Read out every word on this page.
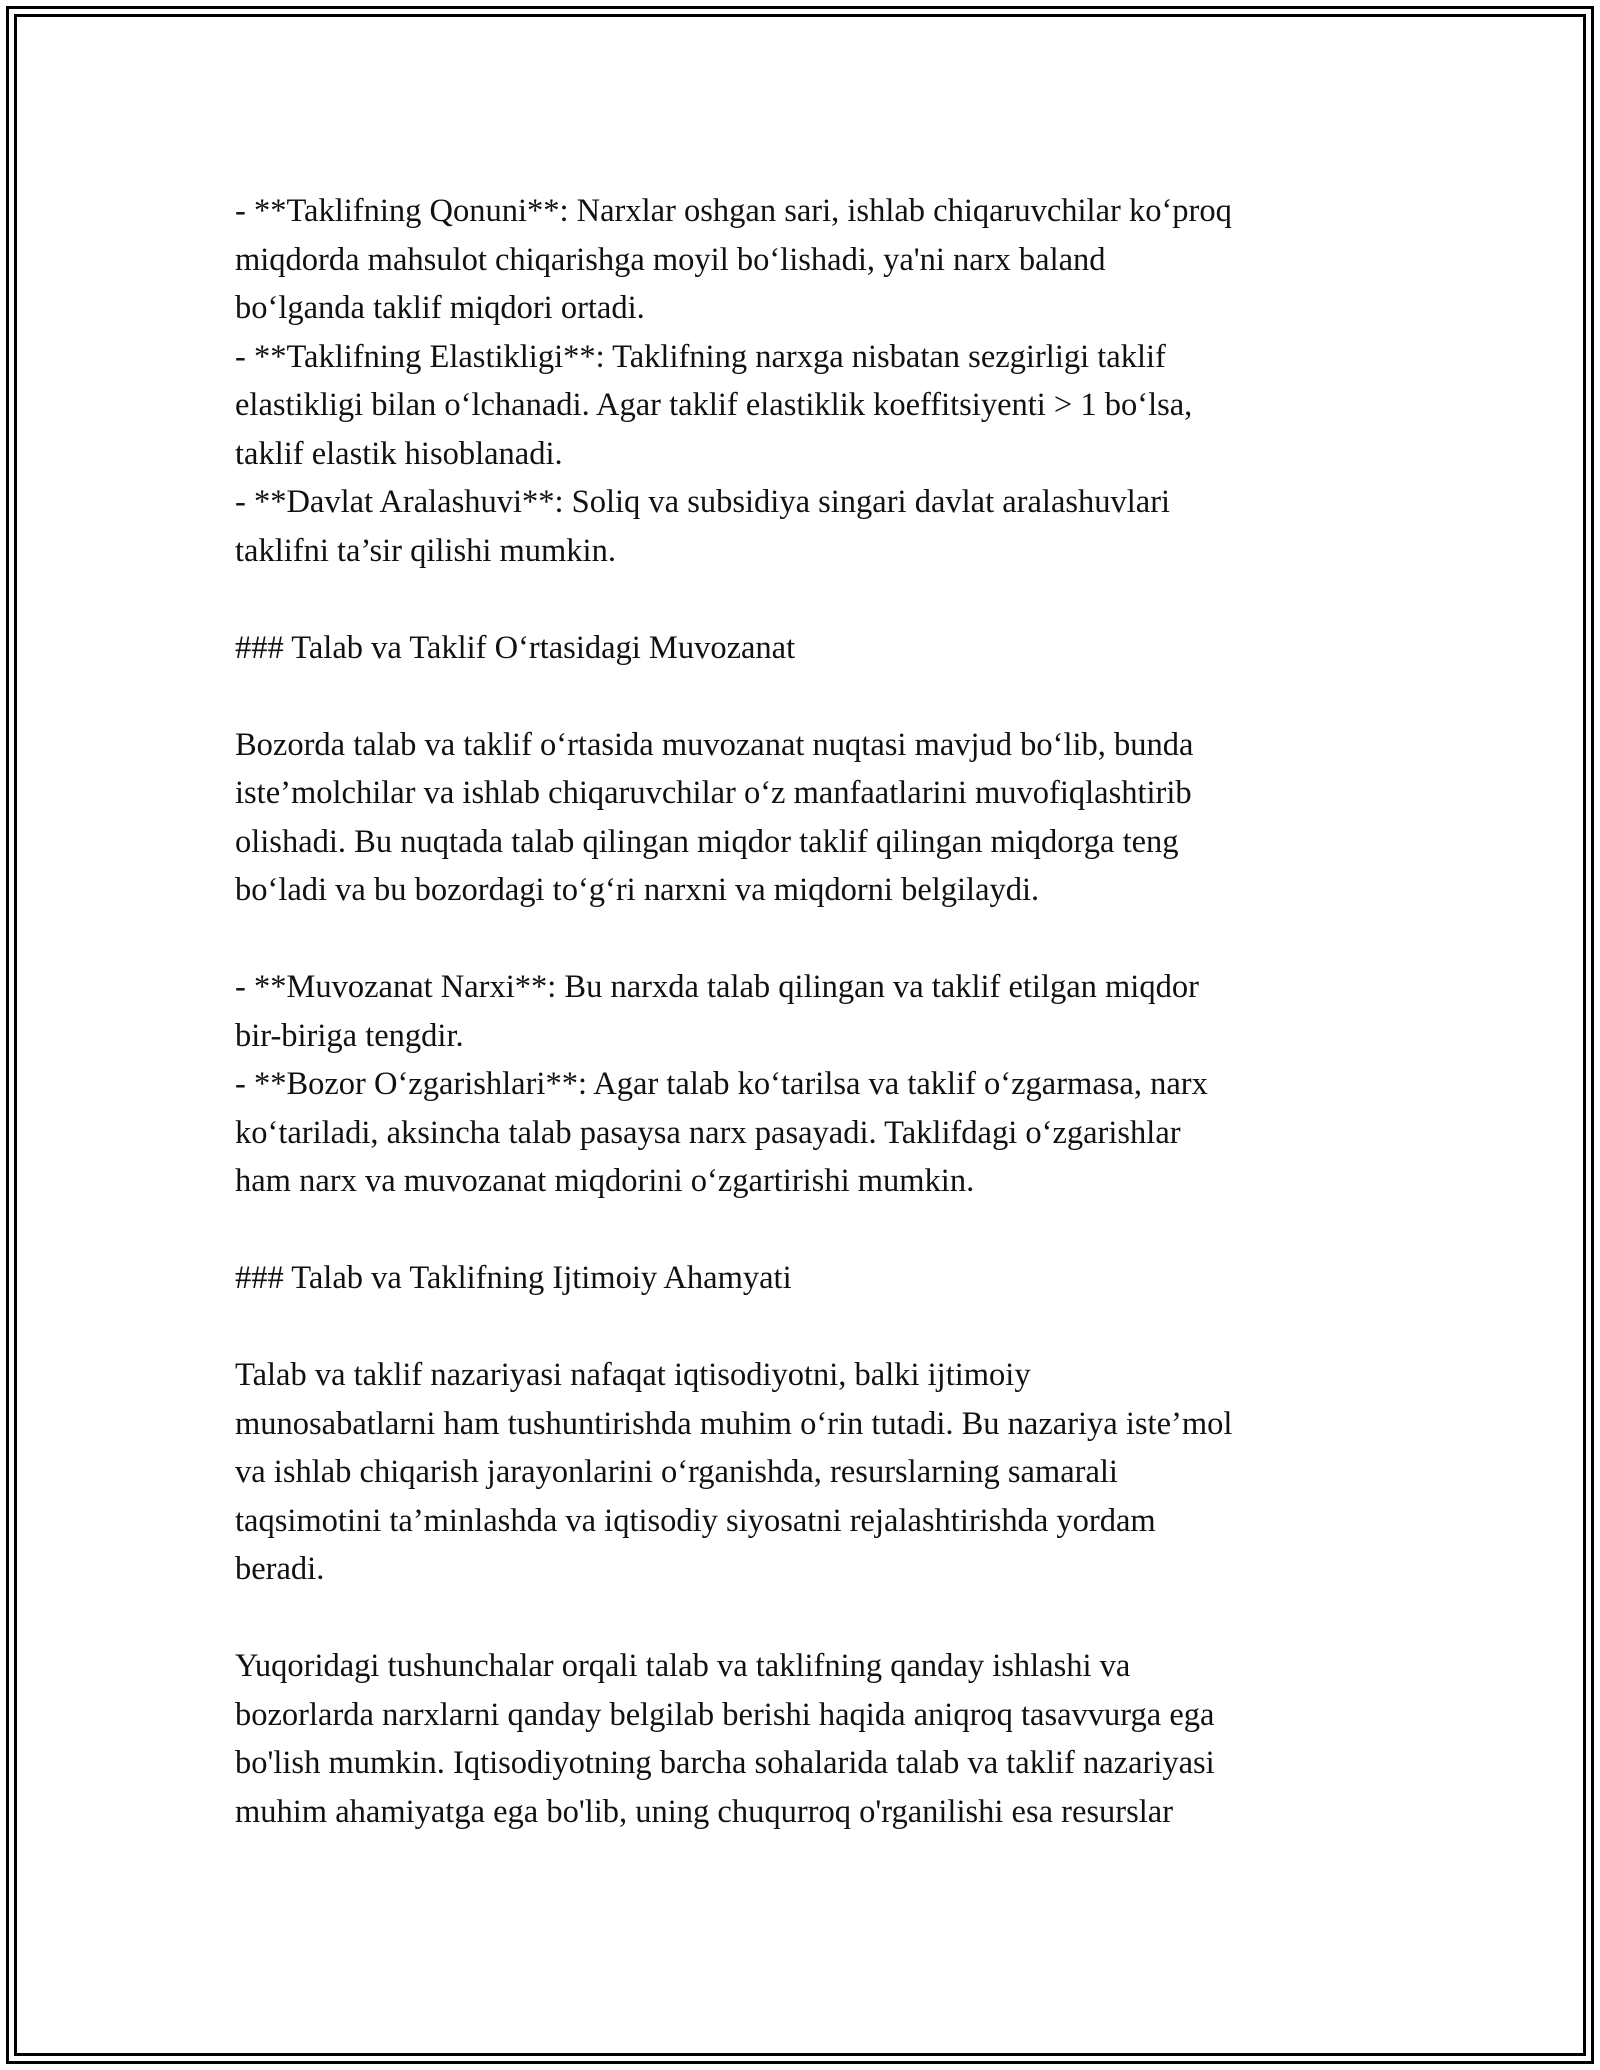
- **Taklifning Qonuni**: Narxlar oshgan sari, ishlab chiqaruvchilar ko‘proq
miqdorda mahsulot chiqarishga moyil bo‘lishadi, ya'ni narx baland
bo‘lganda taklif miqdori ortadi.
- **Taklifning Elastikligi**: Taklifning narxga nisbatan sezgirligi taklif
elastikligi bilan o‘lchanadi. Agar taklif elastiklik koeffitsiyenti > 1 bo‘lsa,
taklif elastik hisoblanadi.
- **Davlat Aralashuvi**: Soliq va subsidiya singari davlat aralashuvlari
taklifni ta’sir qilishi mumkin.
### Talab va Taklif O‘rtasidagi Muvozanat
Bozorda talab va taklif o‘rtasida muvozanat nuqtasi mavjud bo‘lib, bunda
iste’molchilar va ishlab chiqaruvchilar o‘z manfaatlarini muvofiqlashtirib
olishadi. Bu nuqtada talab qilingan miqdor taklif qilingan miqdorga teng
bo‘ladi va bu bozordagi to‘g‘ri narxni va miqdorni belgilaydi.
- **Muvozanat Narxi**: Bu narxda talab qilingan va taklif etilgan miqdor
bir-biriga tengdir.
- **Bozor O‘zgarishlari**: Agar talab ko‘tarilsa va taklif o‘zgarmasa, narx
ko‘tariladi, aksincha talab pasaysa narx pasayadi. Taklifdagi o‘zgarishlar
ham narx va muvozanat miqdorini o‘zgartirishi mumkin.
### Talab va Taklifning Ijtimoiy Ahamyati
Talab va taklif nazariyasi nafaqat iqtisodiyotni, balki ijtimoiy
munosabatlarni ham tushuntirishda muhim o‘rin tutadi. Bu nazariya iste’mol
va ishlab chiqarish jarayonlarini o‘rganishda, resurslarning samarali
taqsimotini ta’minlashda va iqtisodiy siyosatni rejalashtirishda yordam
beradi.
Yuqoridagi tushunchalar orqali talab va taklifning qanday ishlashi va
bozorlarda narxlarni qanday belgilab berishi haqida aniqroq tasavvurga ega
bo'lish mumkin. Iqtisodiyotning barcha sohalarida talab va taklif nazariyasi
muhim ahamiyatga ega bo'lib, uning chuqurroq o'rganilishi esa resurslar
